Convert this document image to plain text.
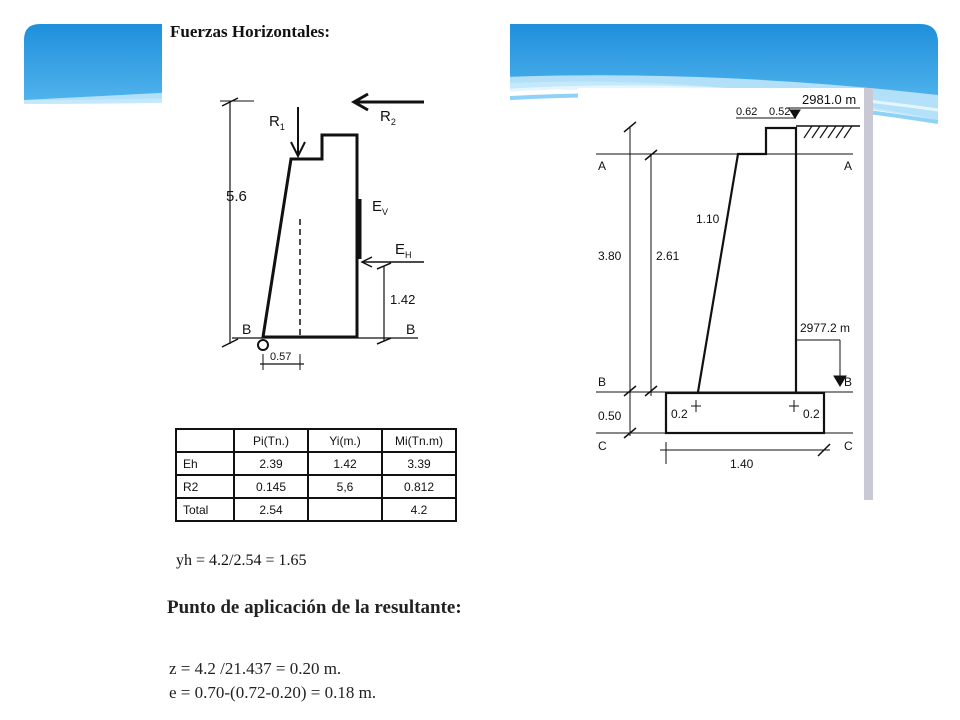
Fuerzas Horizontales:
$R_1$
$R_2$
$E_V$
$E_H$
5.6
1.42
B	B
0.57
	Pi(Tn.)	Yi(m.)	Mi(Tn.m)
Eh	2.39	1.42	3.39
R2	0.145	5,6	0.812
Total	2.54		4.2
yh = 4.2/2.54 = 1.65
Punto de aplicación de la resultante:
z = 4.2 /21.437 = 0.20 m.
e = 0.70-(0.72-0.20) = 0.18 m.
2981.0 m
0.62 0.52
A	A
1.10
3.80	2.61
2977.2 m
B	B
0.50	0.2	0.2
C	C
1.40
